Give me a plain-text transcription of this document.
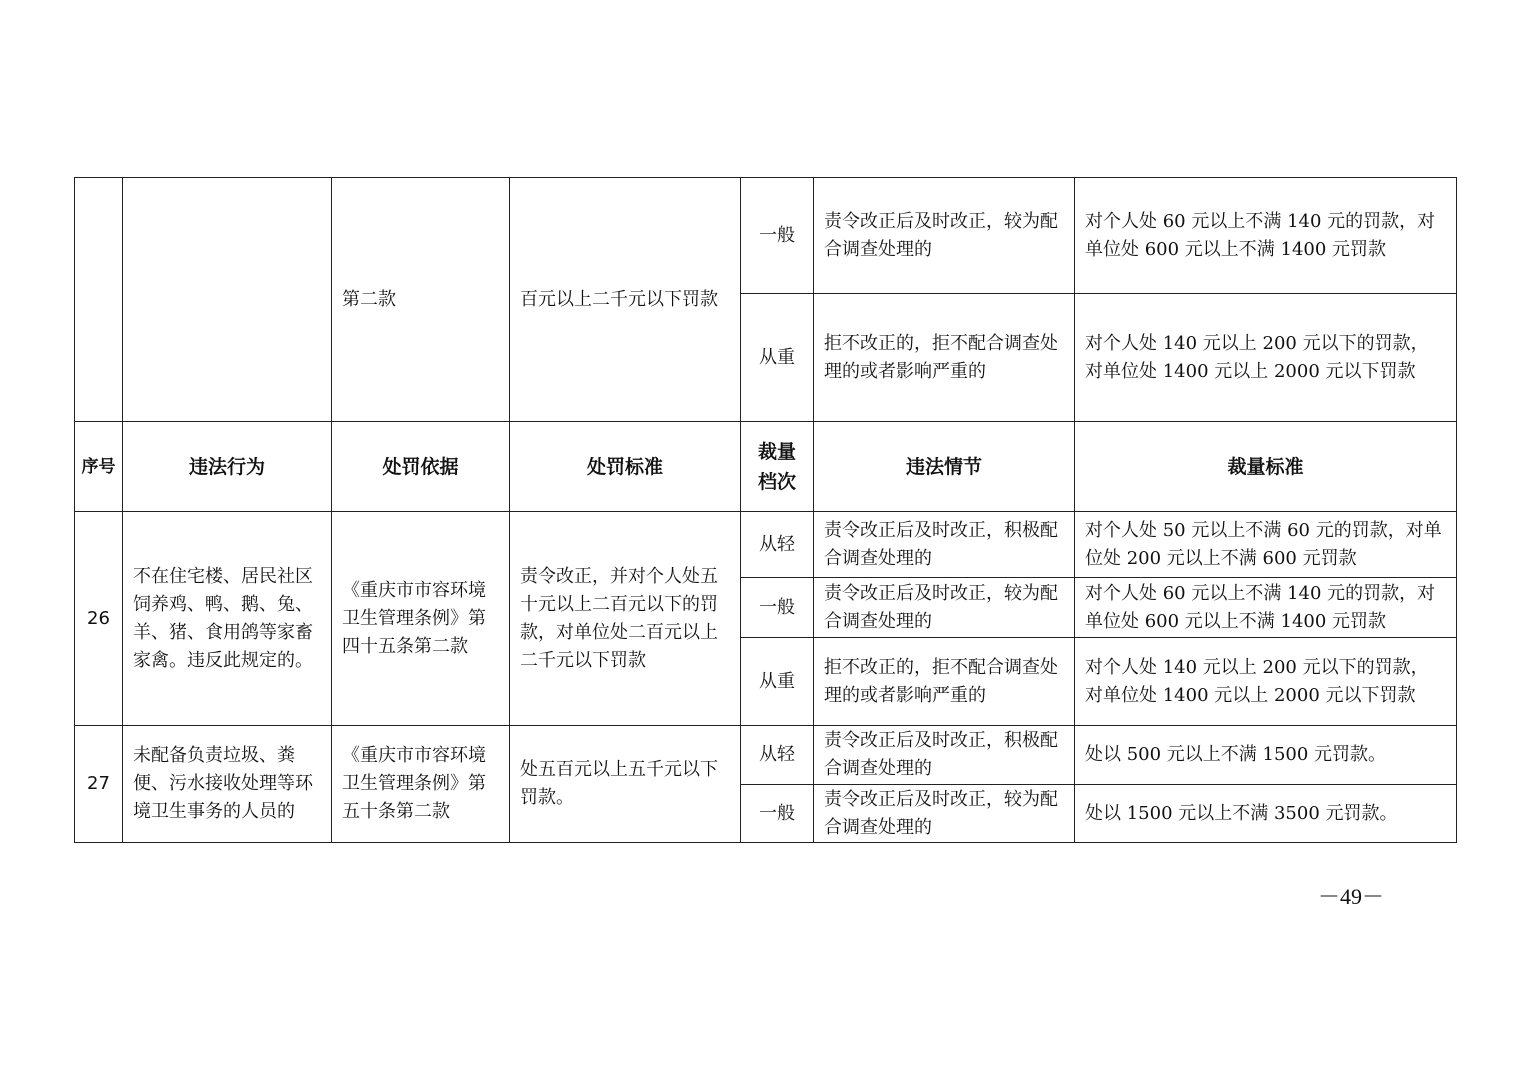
		第二款	百元以上二千元以下罚款	一般	责令改正后及时改正，较为配合调查处理的	对个人处 60 元以上不满 140 元的罚款，对单位处 600 元以上不满 1400 元罚款
				从重	拒不改正的，拒不配合调查处理的或者影响严重的	对个人处 140 元以上 200 元以下的罚款，对单位处 1400 元以上 2000 元以下罚款
序号	违法行为	处罚依据	处罚标准	裁量档次	违法情节	裁量标准
26	不在住宅楼、居民社区饲养鸡、鸭、鹅、兔、羊、猪、食用鸽等家畜家禽。违反此规定的。	《重庆市市容环境卫生管理条例》第四十五条第二款	责令改正，并对个人处五十元以上二百元以下的罚款，对单位处二百元以上二千元以下罚款	从轻	责令改正后及时改正，积极配合调查处理的	对个人处 50 元以上不满 60 元的罚款，对单位处 200 元以上不满 600 元罚款
				一般	责令改正后及时改正，较为配合调查处理的	对个人处 60 元以上不满 140 元的罚款，对单位处 600 元以上不满 1400 元罚款
				从重	拒不改正的，拒不配合调查处理的或者影响严重的	对个人处 140 元以上 200 元以下的罚款，对单位处 1400 元以上 2000 元以下罚款
27	未配备负责垃圾、粪便、污水接收处理等环境卫生事务的人员的	《重庆市市容环境卫生管理条例》第五十条第二款	处五百元以上五千元以下罚款。	从轻	责令改正后及时改正，积极配合调查处理的	处以 500 元以上不满 1500 元罚款。
				一般	责令改正后及时改正，较为配合调查处理的	处以 1500 元以上不满 3500 元罚款。
－49－
